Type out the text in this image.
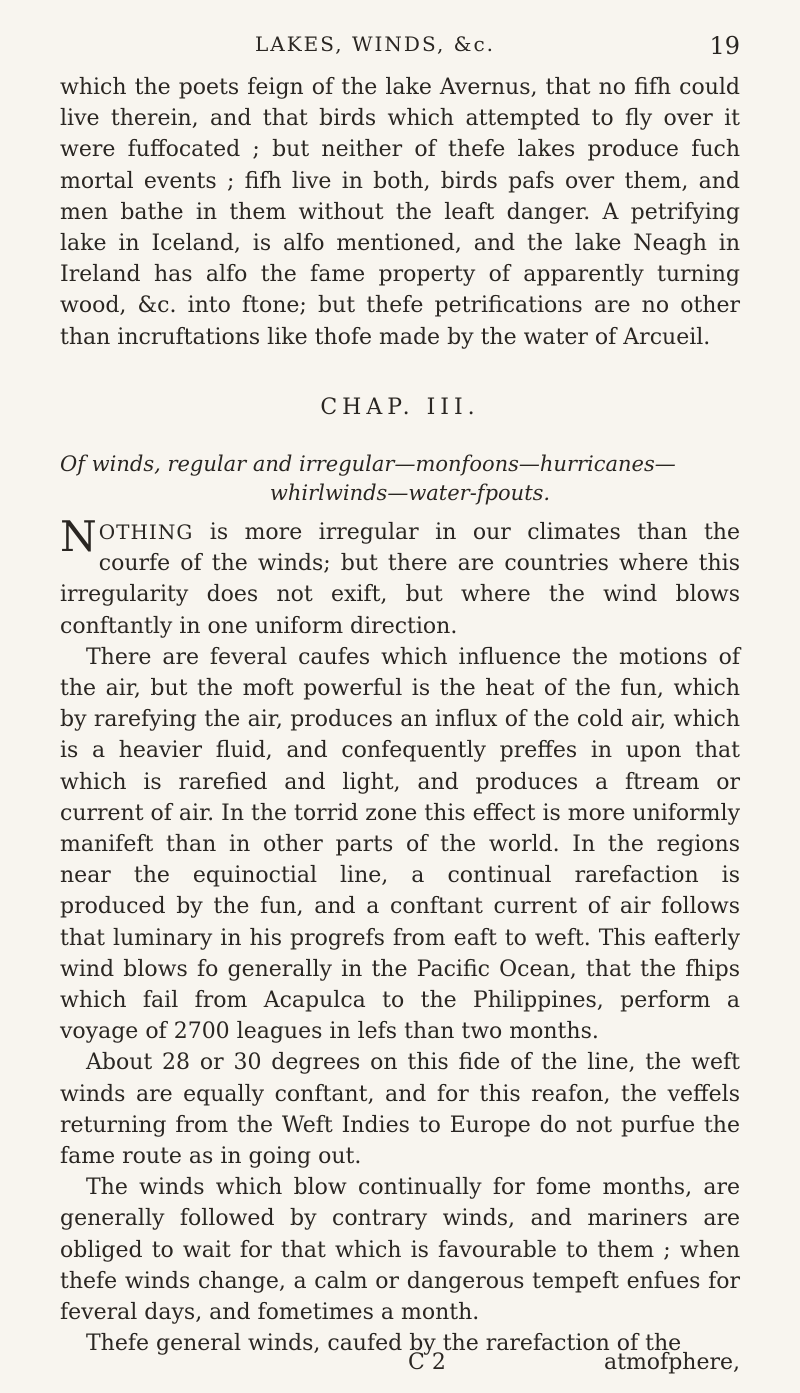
LAKES, WINDS, &c.	19

which the poets feign of the lake Avernus, that no fifh could live therein, and that birds which attempted to fly over it were fuffocated ; but neither of thefe lakes produce fuch mortal events ; fifh live in both, birds pafs over them, and men bathe in them without the leaft danger. A petrifying lake in Iceland, is alfo mentioned, and the lake Neagh in Ireland has alfo the fame property of apparently turning wood, &c. into ftone; but thefe petrifications are no other than incruftations like thofe made by the water of Arcueil.

CHAP. III.
Of winds, regular and irregular—monfoons—hurricanes—
whirlwinds—water-fpouts.

NOTHING is more irregular in our climates than the courfe of the winds; but there are countries where this irregularity does not exift, but where the wind blows conftantly in one uniform direction.

There are feveral caufes which influence the motions of the air, but the moft powerful is the heat of the fun, which by rarefying the air, produces an influx of the cold air, which is a heavier fluid, and confequently preffes in upon that which is rarefied and light, and produces a ftream or current of air. In the torrid zone this effect is more uniformly manifeft than in other parts of the world. In the regions near the equinoctial line, a continual rarefaction is produced by the fun, and a conftant current of air follows that luminary in his progrefs from eaft to weft. This eafterly wind blows fo generally in the Pacific Ocean, that the fhips which fail from Acapulca to the Philippines, perform a voyage of 2700 leagues in lefs than two months.

About 28 or 30 degrees on this fide of the line, the weft winds are equally conftant, and for this reafon, the veffels returning from the Weft Indies to Europe do not purfue the fame route as in going out.

The winds which blow continually for fome months, are generally followed by contrary winds, and mariners are obliged to wait for that which is favourable to them ; when thefe winds change, a calm or dangerous tempeft enfues for feveral days, and fometimes a month.

Thefe general winds, caufed by the rarefaction of the

C 2	atmofphere,
